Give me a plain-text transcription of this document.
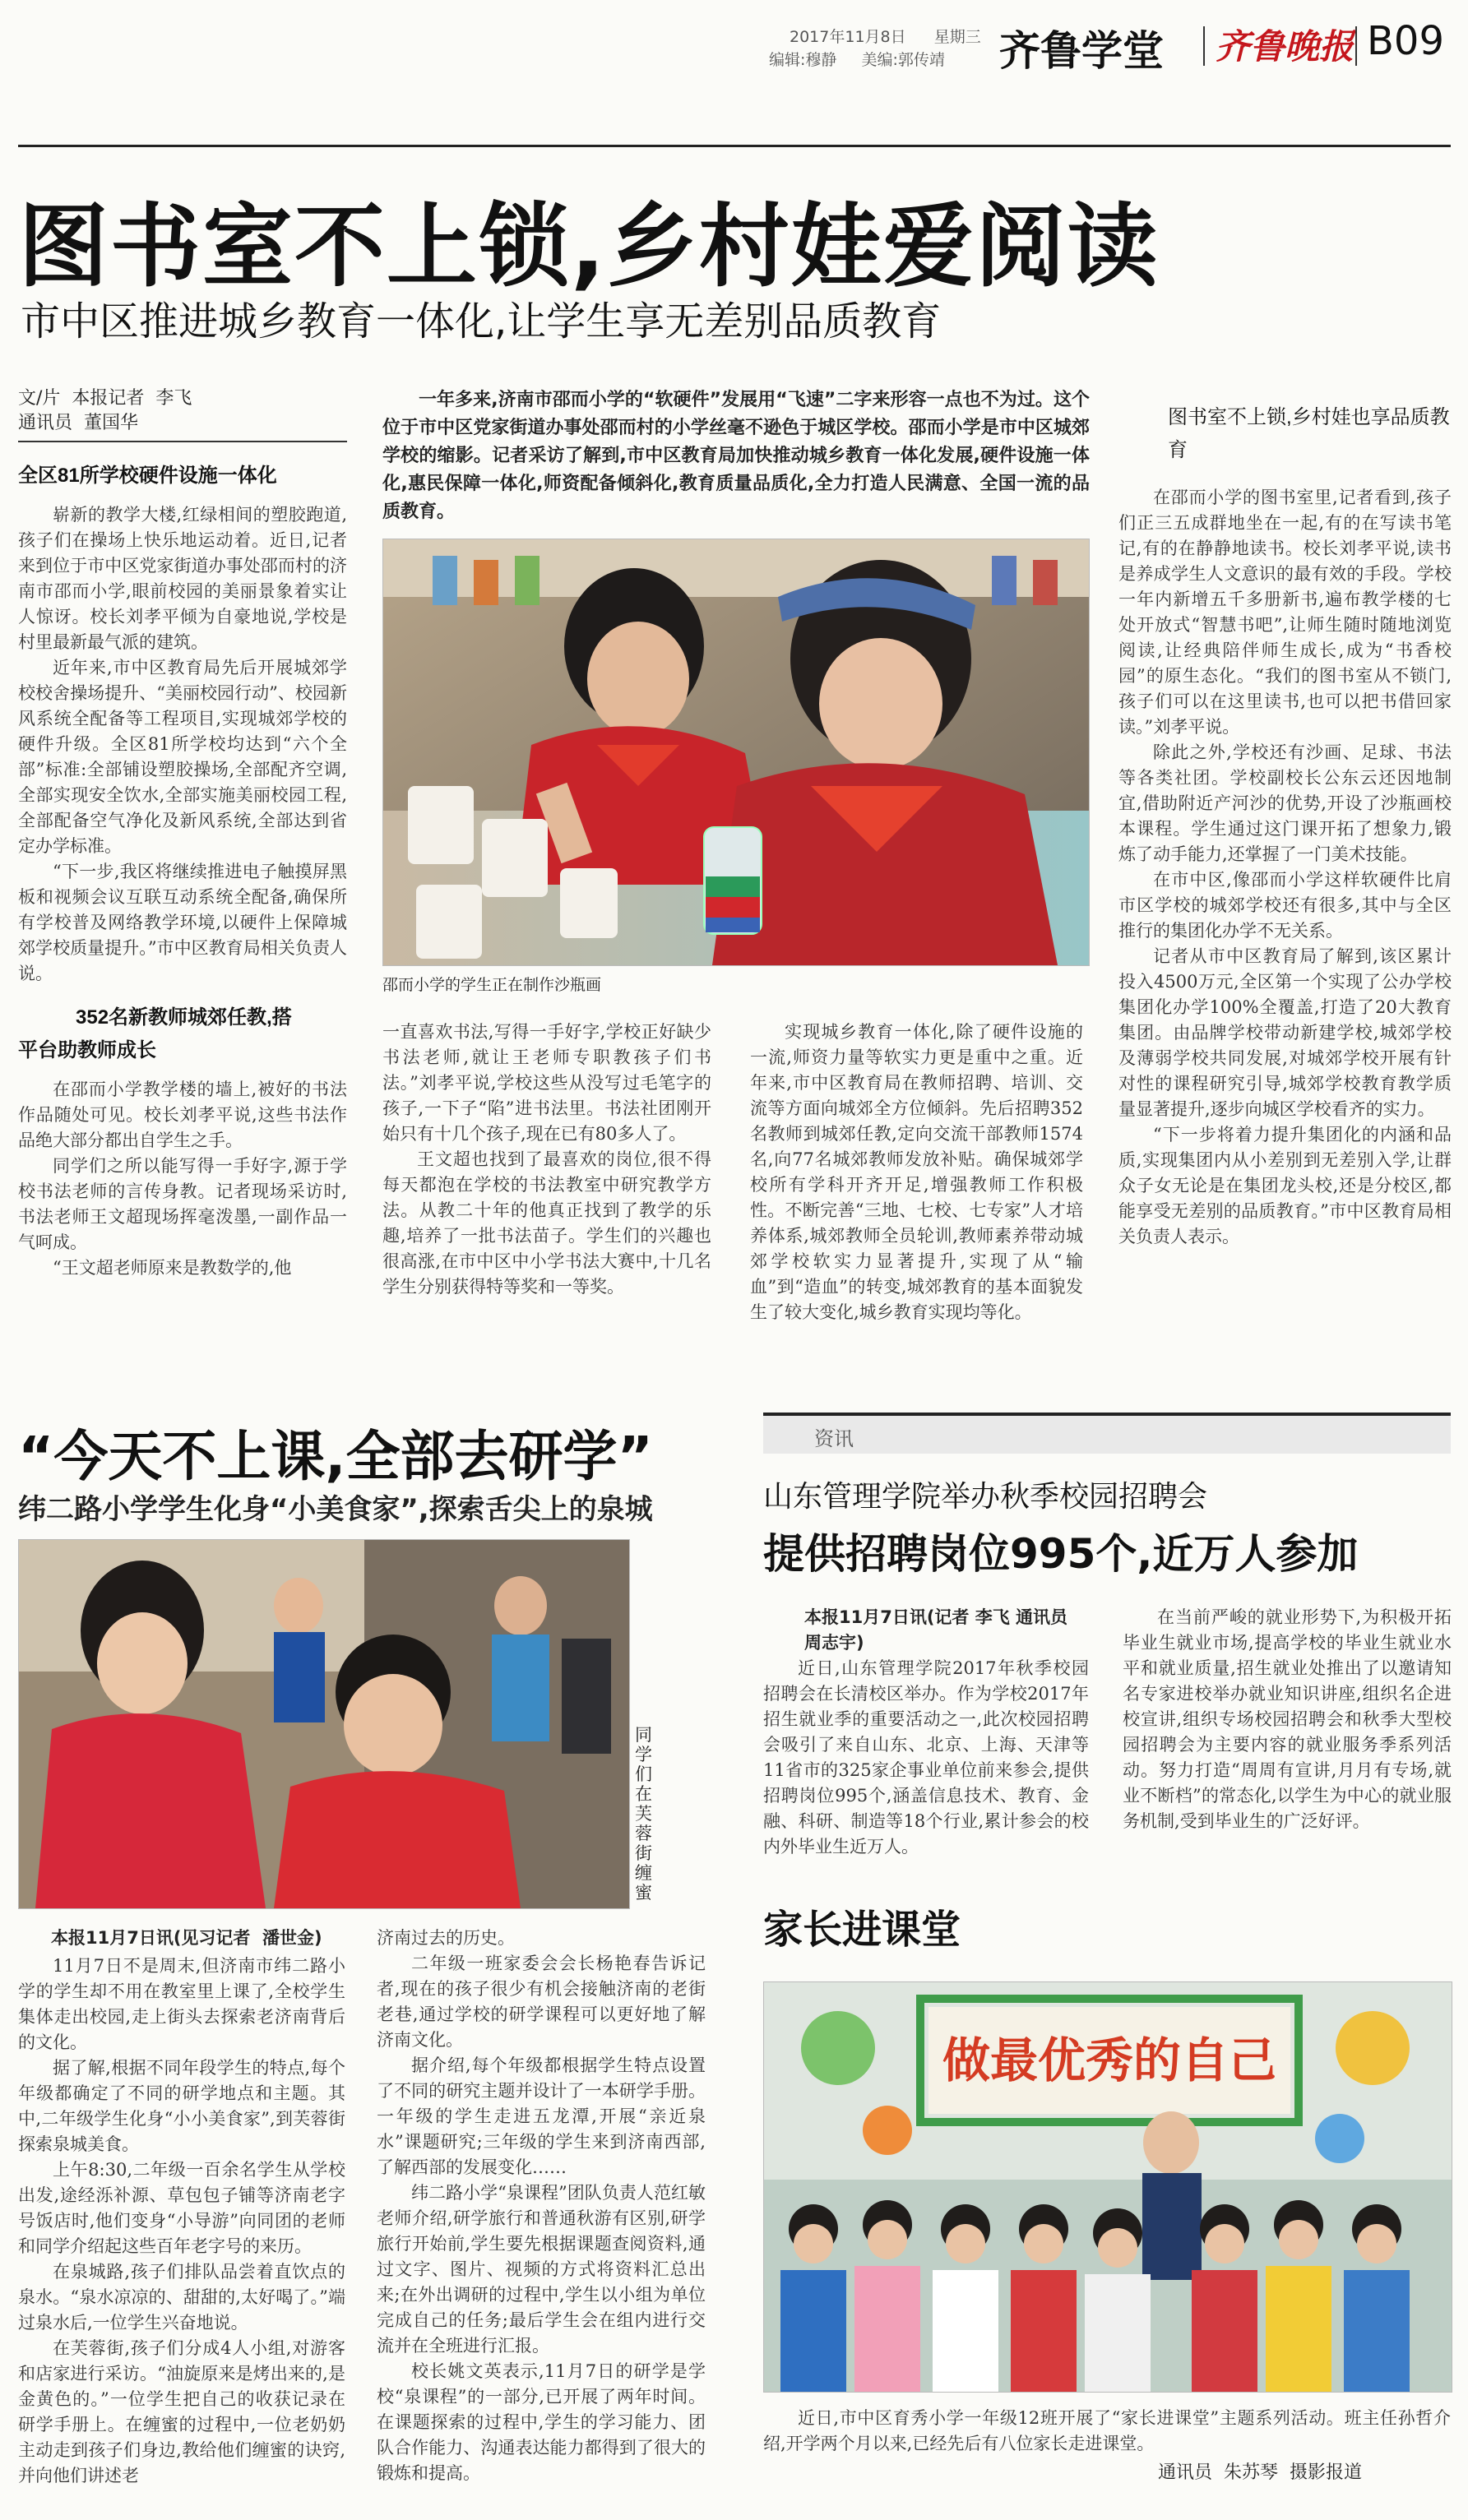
2017年11月8日 星期三
编辑:穆静 美编:郭传靖 齐鲁学堂 齐鲁晚报 B09
图书室不上锁,乡村娃爱阅读
市中区推进城乡教育一体化,让学生享无差别品质教育
文/片  本报记者  李飞
通讯员  董国华
全区81所学校硬件设施一体化

崭新的教学大楼,红绿相间的塑胶跑道,孩子们在操场上快乐地运动着。近日,记者来到位于市中区党家街道办事处邵而村的济南市邵而小学,眼前校园的美丽景象着实让人惊讶。校长刘孝平倾为自豪地说,学校是村里最新最气派的建筑。

近年来,市中区教育局先后开展城郊学校校舍操场提升、“美丽校园行动”、校园新风系统全配备等工程项目,实现城郊学校的硬件升级。全区81所学校均达到“六个全部”标准:全部铺设塑胶操场,全部配齐空调,全部实现安全饮水,全部实施美丽校园工程,全部配备空气净化及新风系统,全部达到省定办学标准。

“下一步,我区将继续推进电子触摸屏黑板和视频会议互联互动系统全配备,确保所有学校普及网络教学环境,以硬件上保障城郊学校质量提升。”市中区教育局相关负责人说。

352名新教师城郊任教,搭
平台助教师成长

在邵而小学教学楼的墙上,被好的书法作品随处可见。校长刘孝平说,这些书法作品绝大部分都出自学生之手。

同学们之所以能写得一手好字,源于学校书法老师的言传身教。记者现场采访时,书法老师王文超现场挥毫泼墨,一副作品一气呵成。

“王文超老师原来是教数学的,他

一年多来,济南市邵而小学的“软硬件”发展用“飞速”二字来形容一点也不为过。这个位于市中区党家街道办事处邵而村的小学丝毫不逊色于城区学校。邵而小学是市中区城郊学校的缩影。记者采访了解到,市中区教育局加快推动城乡教育一体化发展,硬件设施一体化,惠民保障一体化,师资配备倾斜化,教育质量品质化,全力打造人民满意、全国一流的品质教育。
邵而小学的学生正在制作沙瓶画

一直喜欢书法,写得一手好字,学校正好缺少书法老师,就让王老师专职教孩子们书法。”刘孝平说,学校这些从没写过毛笔字的孩子,一下子“陷”进书法里。书法社团刚开始只有十几个孩子,现在已有80多人了。

王文超也找到了最喜欢的岗位,很不得每天都泡在学校的书法教室中研究教学方法。从教二十年的他真正找到了教学的乐趣,培养了一批书法苗子。学生们的兴趣也很高涨,在市中区中小学书法大赛中,十几名学生分别获得特等奖和一等奖。

实现城乡教育一体化,除了硬件设施的一流,师资力量等软实力更是重中之重。近年来,市中区教育局在教师招聘、培训、交流等方面向城郊全方位倾斜。先后招聘352名教师到城郊任教,定向交流干部教师1574名,向77名城郊教师发放补贴。确保城郊学校所有学科开齐开足,增强教师工作积极性。不断完善“三地、七校、七专家”人才培养体系,城郊教师全员轮训,教师素养带动城郊学校软实力显著提升,实现了从“输血”到“造血”的转变,城郊教育的基本面貌发生了较大变化,城乡教育实现均等化。

图书室不上锁,乡村娃也享品质教育

在邵而小学的图书室里,记者看到,孩子们正三五成群地坐在一起,有的在写读书笔记,有的在静静地读书。校长刘孝平说,读书是养成学生人文意识的最有效的手段。学校一年内新增五千多册新书,遍布教学楼的七处开放式“智慧书吧”,让师生随时随地浏览阅读,让经典陪伴师生成长,成为“书香校园”的原生态化。“我们的图书室从不锁门,孩子们可以在这里读书,也可以把书借回家读。”刘孝平说。

除此之外,学校还有沙画、足球、书法等各类社团。学校副校长公东云还因地制宜,借助附近产河沙的优势,开设了沙瓶画校本课程。学生通过这门课开拓了想象力,锻炼了动手能力,还掌握了一门美术技能。

在市中区,像邵而小学这样软硬件比肩市区学校的城郊学校还有很多,其中与全区推行的集团化办学不无关系。

记者从市中区教育局了解到,该区累计投入4500万元,全区第一个实现了公办学校集团化办学100%全覆盖,打造了20大教育集团。由品牌学校带动新建学校,城郊学校及薄弱学校共同发展,对城郊学校开展有针对性的课程研究引导,城郊学校教育教学质量显著提升,逐步向城区学校看齐的实力。

“下一步将着力提升集团化的内涵和品质,实现集团内从小差别到无差别入学,让群众子女无论是在集团龙头校,还是分校区,都能享受无差别的品质教育。”市中区教育局相关负责人表示。

“今天不上课,全部去研学”
纬二路小学学生化身“小美食家”,探索舌尖上的泉城
同学们在芙蓉街缠蜜
本报11月7日讯(见习记者  潘世金)

11月7日不是周末,但济南市纬二路小学的学生却不用在教室里上课了,全校学生集体走出校园,走上街头去探索老济南背后的文化。

据了解,根据不同年段学生的特点,每个年级都确定了不同的研学地点和主题。其中,二年级学生化身“小小美食家”,到芙蓉街探索泉城美食。

上午8:30,二年级一百余名学生从学校出发,途经泺补源、草包包子铺等济南老字号饭店时,他们变身“小导游”向同团的老师和同学介绍起这些百年老字号的来历。

在泉城路,孩子们排队品尝着直饮点的泉水。“泉水凉凉的、甜甜的,太好喝了。”端过泉水后,一位学生兴奋地说。

在芙蓉街,孩子们分成4人小组,对游客和店家进行采访。“油旋原来是烤出来的,是金黄色的。”一位学生把自己的收获记录在研学手册上。在缠蜜的过程中,一位老奶奶主动走到孩子们身边,教给他们缠蜜的诀窍,并向他们讲述老

济南过去的历史。

二年级一班家委会会长杨艳春告诉记者,现在的孩子很少有机会接触济南的老街老巷,通过学校的研学课程可以更好地了解济南文化。

据介绍,每个年级都根据学生特点设置了不同的研究主题并设计了一本研学手册。一年级的学生走进五龙潭,开展“亲近泉水”课题研究;三年级的学生来到济南西部,了解西部的发展变化……

纬二路小学“泉课程”团队负责人范红敏老师介绍,研学旅行和普通秋游有区别,研学旅行开始前,学生要先根据课题查阅资料,通过文字、图片、视频的方式将资料汇总出来;在外出调研的过程中,学生以小组为单位完成自己的任务;最后学生会在组内进行交流并在全班进行汇报。

校长姚文英表示,11月7日的研学是学校“泉课程”的一部分,已开展了两年时间。在课题探索的过程中,学生的学习能力、团队合作能力、沟通表达能力都得到了很大的锻炼和提高。

资讯
山东管理学院举办秋季校园招聘会
提供招聘岗位995个,近万人参加
本报11月7日讯(记者 李飞 通讯员 周志宇)

近日,山东管理学院2017年秋季校园招聘会在长清校区举办。作为学校2017年招生就业季的重要活动之一,此次校园招聘会吸引了来自山东、北京、上海、天津等11省市的325家企事业单位前来参会,提供招聘岗位995个,涵盖信息技术、教育、金融、科研、制造等18个行业,累计参会的校内外毕业生近万人。

在当前严峻的就业形势下,为积极开拓毕业生就业市场,提高学校的毕业生就业水平和就业质量,招生就业处推出了以邀请知名专家进校举办就业知识讲座,组织名企进校宣讲,组织专场校园招聘会和秋季大型校园招聘会为主要内容的就业服务季系列活动。努力打造“周周有宣讲,月月有专场,就业不断档”的常态化,以学生为中心的就业服务机制,受到毕业生的广泛好评。

家长进课堂
做最优秀的自己

近日,市中区育秀小学一年级12班开展了“家长进课堂”主题系列活动。班主任孙哲介绍,开学两个月以来,已经先后有八位家长走进课堂。

通讯员  朱苏琴  摄影报道
